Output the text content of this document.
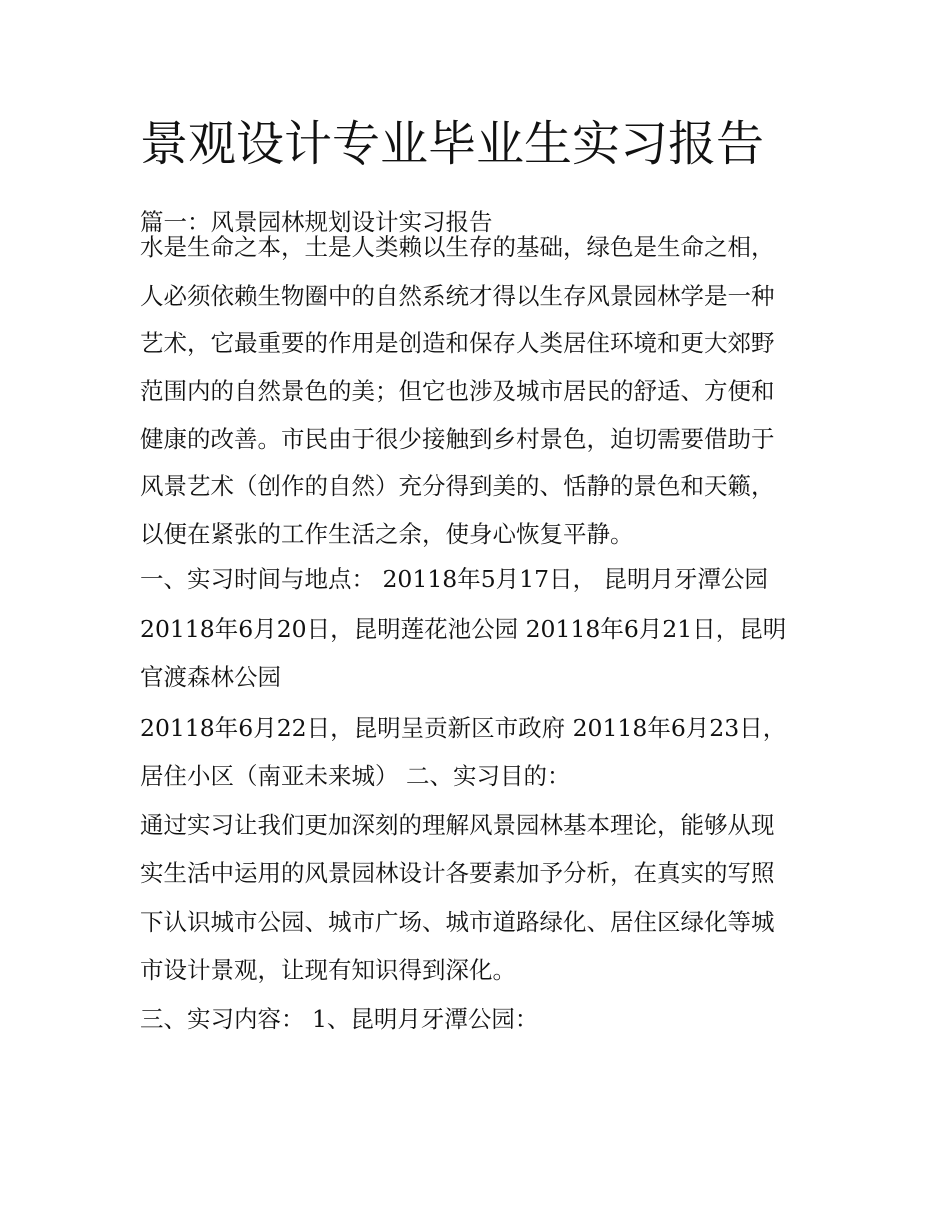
景观设计专业毕业生实习报告
篇一：风景园林规划设计实习报告
水是生命之本，土是人类赖以生存的基础，绿色是生命之相，
人必须依赖生物圈中的自然系统才得以生存风景园林学是一种
艺术，它最重要的作用是创造和保存人类居住环境和更大郊野
范围内的自然景色的美；但它也涉及城市居民的舒适、方便和
健康的改善。市民由于很少接触到乡村景色，迫切需要借助于
风景艺术（创作的自然）充分得到美的、恬静的景色和天籁，
以便在紧张的工作生活之余，使身心恢复平静。
一、实习时间与地点： 20118年5月17日， 昆明月牙潭公园
20118年6月20日，昆明莲花池公园 20118年6月21日，昆明
官渡森林公园
20118年6月22日，昆明呈贡新区市政府 20118年6月23日，
居住小区（南亚未来城） 二、实习目的：
通过实习让我们更加深刻的理解风景园林基本理论，能够从现
实生活中运用的风景园林设计各要素加予分析，在真实的写照
下认识城市公园、城市广场、城市道路绿化、居住区绿化等城
市设计景观，让现有知识得到深化。
三、实习内容： 1、昆明月牙潭公园：
